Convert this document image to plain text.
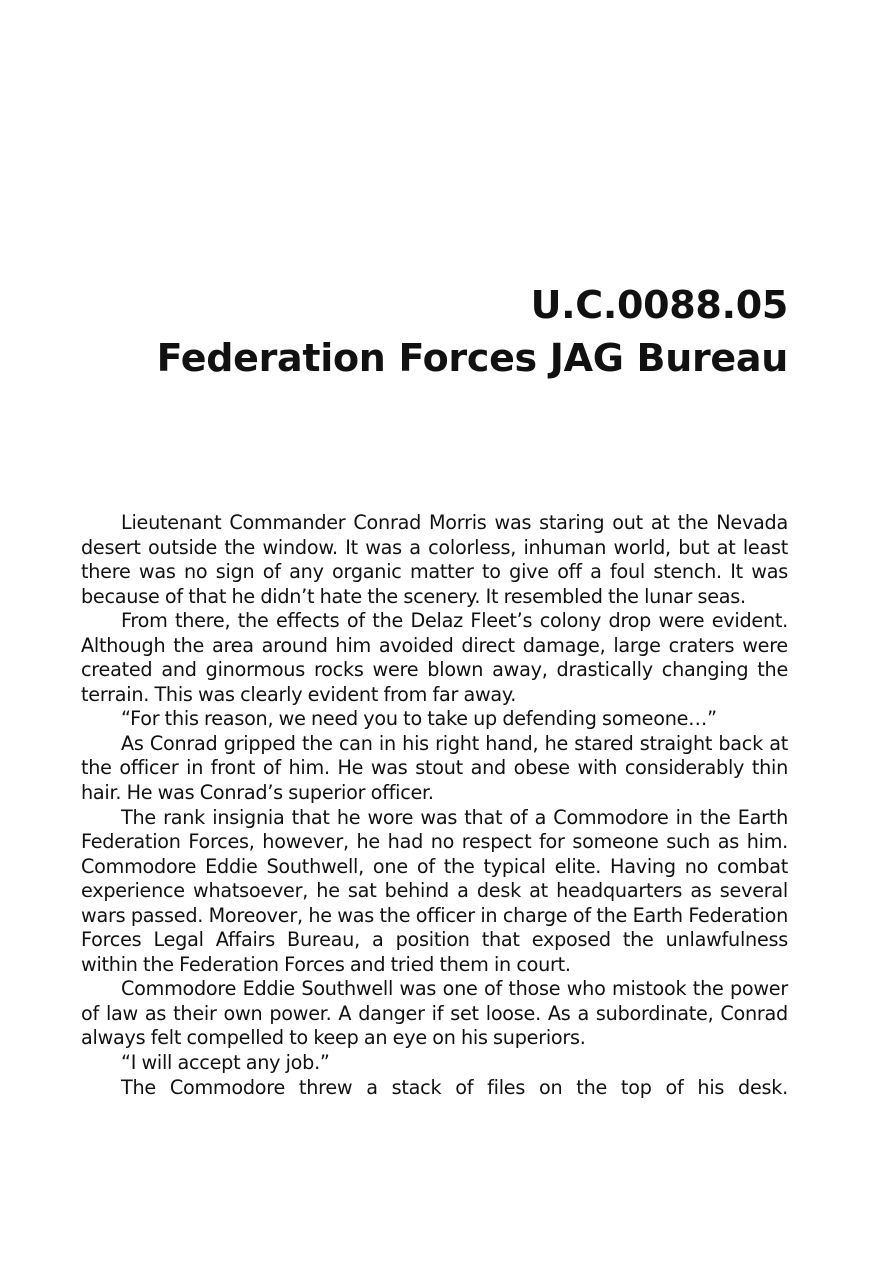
U.C.0088.05
Federation Forces JAG Bureau

Lieutenant Commander Conrad Morris was staring out at the Nevada desert outside the window. It was a colorless, inhuman world, but at least there was no sign of any organic matter to give off a foul stench. It was because of that he didn’t hate the scenery. It resembled the lunar seas.

From there, the effects of the Delaz Fleet’s colony drop were evident. Although the area around him avoided direct damage, large craters were created and ginormous rocks were blown away, drastically changing the terrain. This was clearly evident from far away.

“For this reason, we need you to take up defending someone…”

As Conrad gripped the can in his right hand, he stared straight back at the officer in front of him. He was stout and obese with considerably thin hair. He was Conrad’s superior officer.

The rank insignia that he wore was that of a Commodore in the Earth Federation Forces, however, he had no respect for someone such as him. Commodore Eddie Southwell, one of the typical elite. Having no combat experience whatsoever, he sat behind a desk at headquarters as several wars passed. Moreover, he was the officer in charge of the Earth Federation Forces Legal Affairs Bureau, a position that exposed the unlawfulness within the Federation Forces and tried them in court.

Commodore Eddie Southwell was one of those who mistook the power of law as their own power. A danger if set loose. As a subordinate, Conrad always felt compelled to keep an eye on his superiors.

“I will accept any job.”

The Commodore threw a stack of files on the top of his desk.
